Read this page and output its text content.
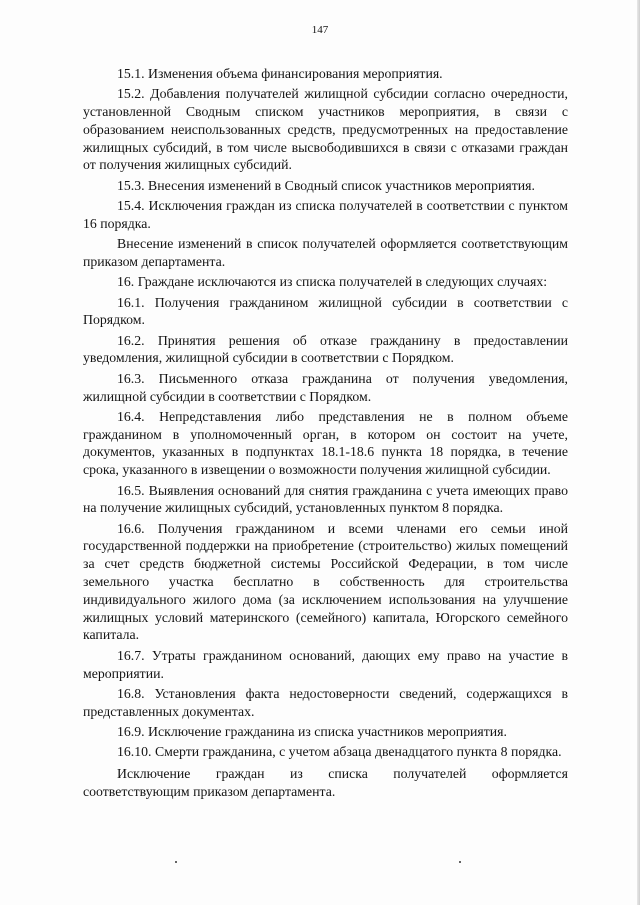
147

15.1. Изменения объема финансирования мероприятия.

15.2. Добавления получателей жилищной субсидии согласно очередности, установленной Сводным списком участников мероприятия, в связи с образованием неиспользованных средств, предусмотренных на предоставление жилищных субсидий, в том числе высвободившихся в связи с отказами граждан от получения жилищных субсидий.

15.3. Внесения изменений в Сводный список участников мероприятия.

15.4. Исключения граждан из списка получателей в соответствии с пунктом 16 порядка.

Внесение изменений в список получателей оформляется соответствующим приказом департамента.

16. Граждане исключаются из списка получателей в следующих случаях:

16.1. Получения гражданином жилищной субсидии в соответствии с Порядком.

16.2. Принятия решения об отказе гражданину в предоставлении уведомления, жилищной субсидии в соответствии с Порядком.

16.3. Письменного отказа гражданина от получения уведомления, жилищной субсидии в соответствии с Порядком.

16.4. Непредставления либо представления не в полном объеме гражданином в уполномоченный орган, в котором он состоит на учете, документов, указанных в подпунктах 18.1-18.6 пункта 18 порядка, в течение срока, указанного в извещении о возможности получения жилищной субсидии.

16.5. Выявления оснований для снятия гражданина с учета имеющих право на получение жилищных субсидий, установленных пунктом 8 порядка.

16.6. Получения гражданином и всеми членами его семьи иной государственной поддержки на приобретение (строительство) жилых помещений за счет средств бюджетной системы Российской Федерации, в том числе земельного участка бесплатно в собственность для строительства индивидуального жилого дома (за исключением использования на улучшение жилищных условий материнского (семейного) капитала, Югорского семейного капитала.

16.7. Утраты гражданином оснований, дающих ему право на участие в мероприятии.

16.8. Установления факта недостоверности сведений, содержащихся в представленных документах.

16.9. Исключение гражданина из списка участников мероприятия.

16.10. Смерти гражданина, с учетом абзаца двенадцатого пункта 8 порядка.

Исключение граждан из списка получателей оформляется соответствующим приказом департамента.
